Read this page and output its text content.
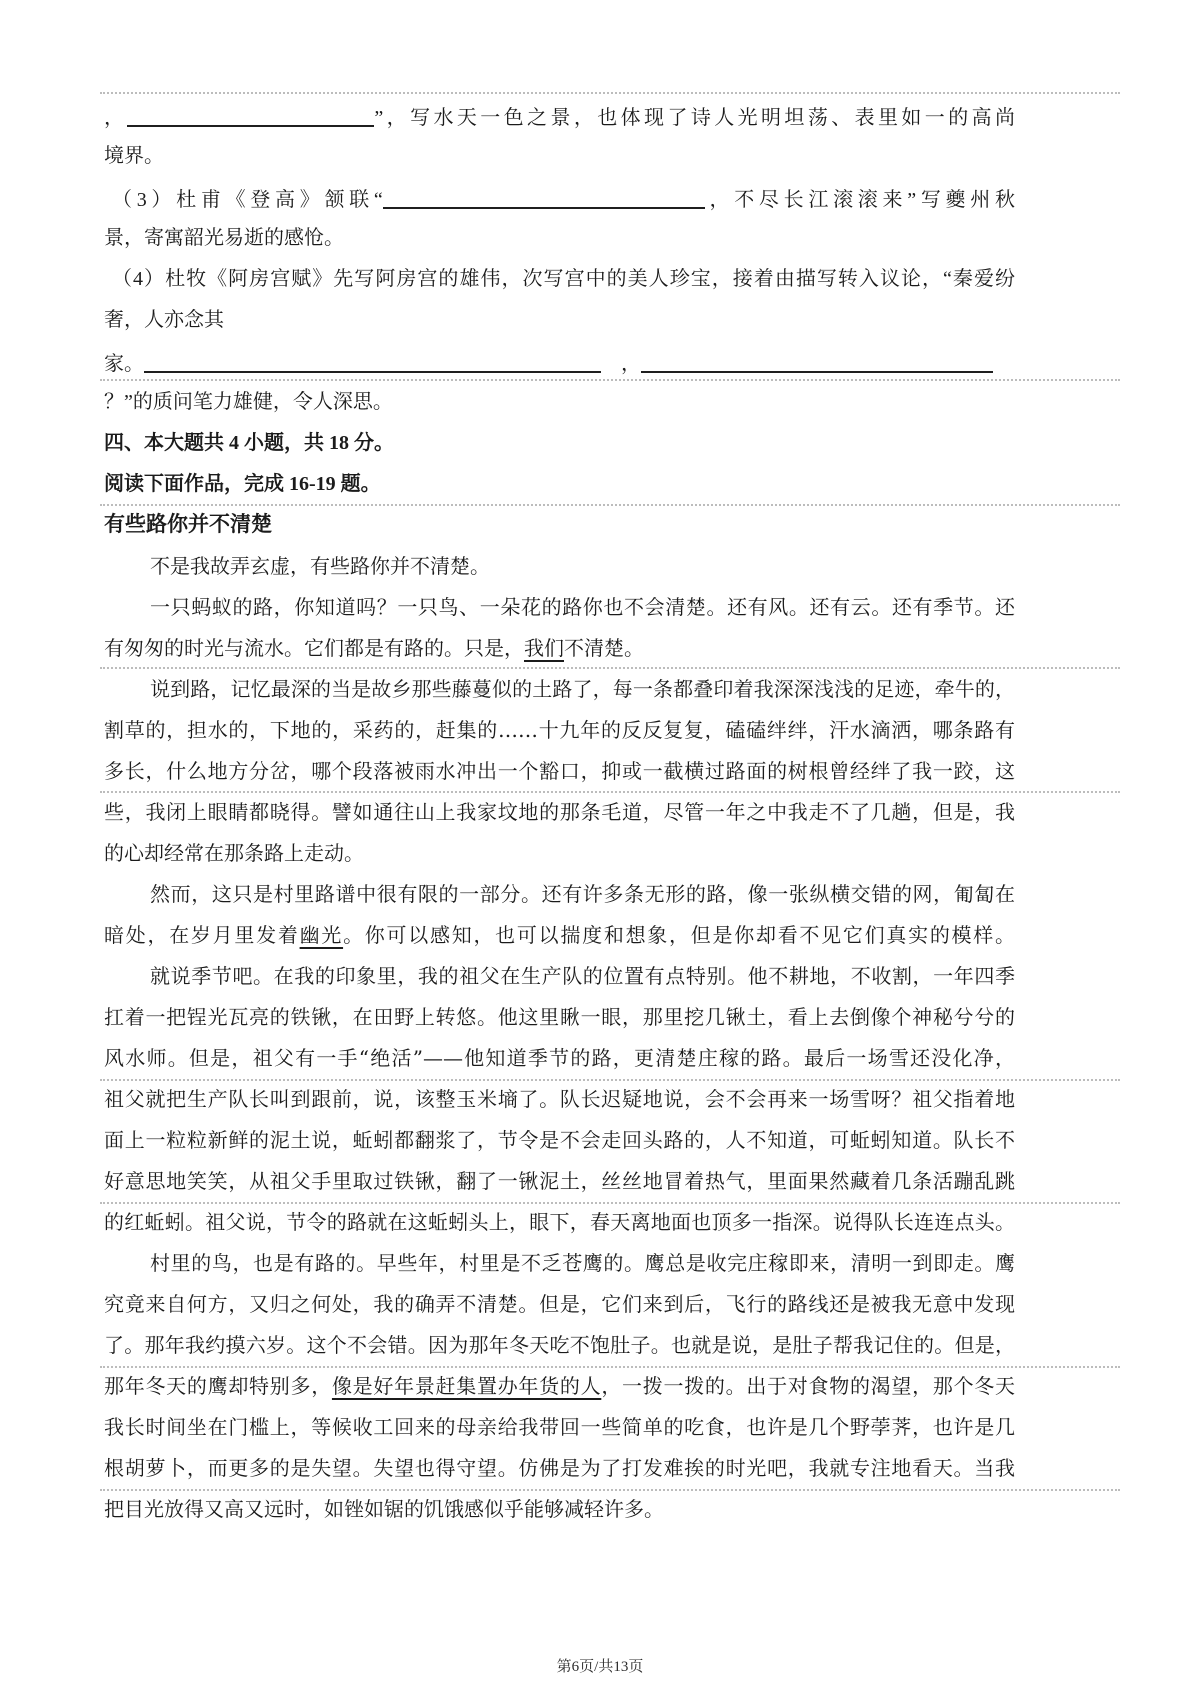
，	”，写水天一色之景，也体现了诗人光明坦荡、表里如一的高尚
境界。
（3）杜甫《登高》颔联“	，不尽长江滚滚来”写夔州秋
景，寄寓韶光易逝的感怆。
（4）杜牧《阿房宫赋》先写阿房宫的雄伟，次写宫中的美人珍宝，接着由描写转入议论，“秦爱纷
奢，人亦念其
家。	　，
？”的质问笔力雄健，令人深思。
四、本大题共 4 小题，共 18 分。
阅读下面作品，完成 16-19 题。
有些路你并不清楚
不是我故弄玄虚，有些路你并不清楚。
一只蚂蚁的路，你知道吗？一只鸟、一朵花的路你也不会清楚。还有风。还有云。还有季节。还
有匆匆的时光与流水。它们都是有路的。只是，我们不清楚。
说到路，记忆最深的当是故乡那些藤蔓似的土路了，每一条都叠印着我深深浅浅的足迹，牵牛的，
割草的，担水的，下地的，采药的，赶集的……十九年的反反复复，磕磕绊绊，汗水滴洒，哪条路有
多长，什么地方分岔，哪个段落被雨水冲出一个豁口，抑或一截横过路面的树根曾经绊了我一跤，这
些，我闭上眼睛都晓得。譬如通往山上我家坟地的那条毛道，尽管一年之中我走不了几趟，但是，我
的心却经常在那条路上走动。
然而，这只是村里路谱中很有限的一部分。还有许多条无形的路，像一张纵横交错的网，匍匐在
暗处，在岁月里发着幽光。你可以感知，也可以揣度和想象，但是你却看不见它们真实的模样。
就说季节吧。在我的印象里，我的祖父在生产队的位置有点特别。他不耕地，不收割，一年四季
扛着一把锃光瓦亮的铁锹，在田野上转悠。他这里瞅一眼，那里挖几锹土，看上去倒像个神秘兮兮的
风水师。但是，祖父有一手“绝活”——他知道季节的路，更清楚庄稼的路。最后一场雪还没化净，
祖父就把生产队长叫到跟前，说，该整玉米墒了。队长迟疑地说，会不会再来一场雪呀？祖父指着地
面上一粒粒新鲜的泥土说，蚯蚓都翻浆了，节令是不会走回头路的，人不知道，可蚯蚓知道。队长不
好意思地笑笑，从祖父手里取过铁锹，翻了一锹泥土，丝丝地冒着热气，里面果然藏着几条活蹦乱跳
的红蚯蚓。祖父说，节令的路就在这蚯蚓头上，眼下，春天离地面也顶多一指深。说得队长连连点头。
村里的鸟，也是有路的。早些年，村里是不乏苍鹰的。鹰总是收完庄稼即来，清明一到即走。鹰
究竟来自何方，又归之何处，我的确弄不清楚。但是，它们来到后，飞行的路线还是被我无意中发现
了。那年我约摸六岁。这个不会错。因为那年冬天吃不饱肚子。也就是说，是肚子帮我记住的。但是，
那年冬天的鹰却特别多，像是好年景赶集置办年货的人，一拨一拨的。出于对食物的渴望，那个冬天
我长时间坐在门槛上，等候收工回来的母亲给我带回一些简单的吃食，也许是几个野荸荠，也许是几
根胡萝卜，而更多的是失望。失望也得守望。仿佛是为了打发难挨的时光吧，我就专注地看天。当我
把目光放得又高又远时，如锉如锯的饥饿感似乎能够减轻许多。
第6页/共13页
